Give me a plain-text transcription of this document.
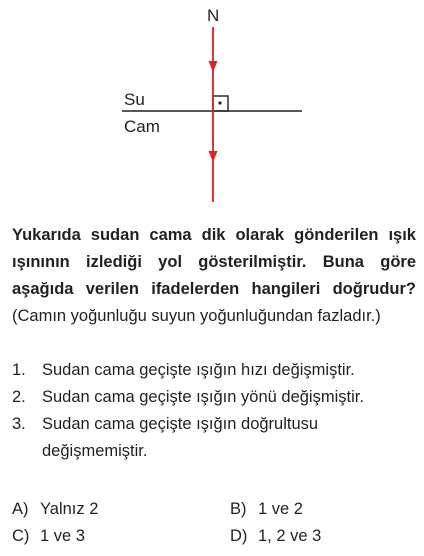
N
Su
Cam
Yukarıda sudan cama dik olarak gönderilen ışık ışınının izlediği yol gösterilmiştir. Buna göre aşağıda verilen ifadelerden hangileri doğrudur? (Camın yoğunluğu suyun yoğunluğundan fazladır.)
1. Sudan cama geçişte ışığın hızı değişmiştir.
2. Sudan cama geçişte ışığın yönü değişmiştir.
3. Sudan cama geçişte ışığın doğrultusu değişmemiştir.
A) Yalnız 2	B) 1 ve 2
C) 1 ve 3	D) 1, 2 ve 3
